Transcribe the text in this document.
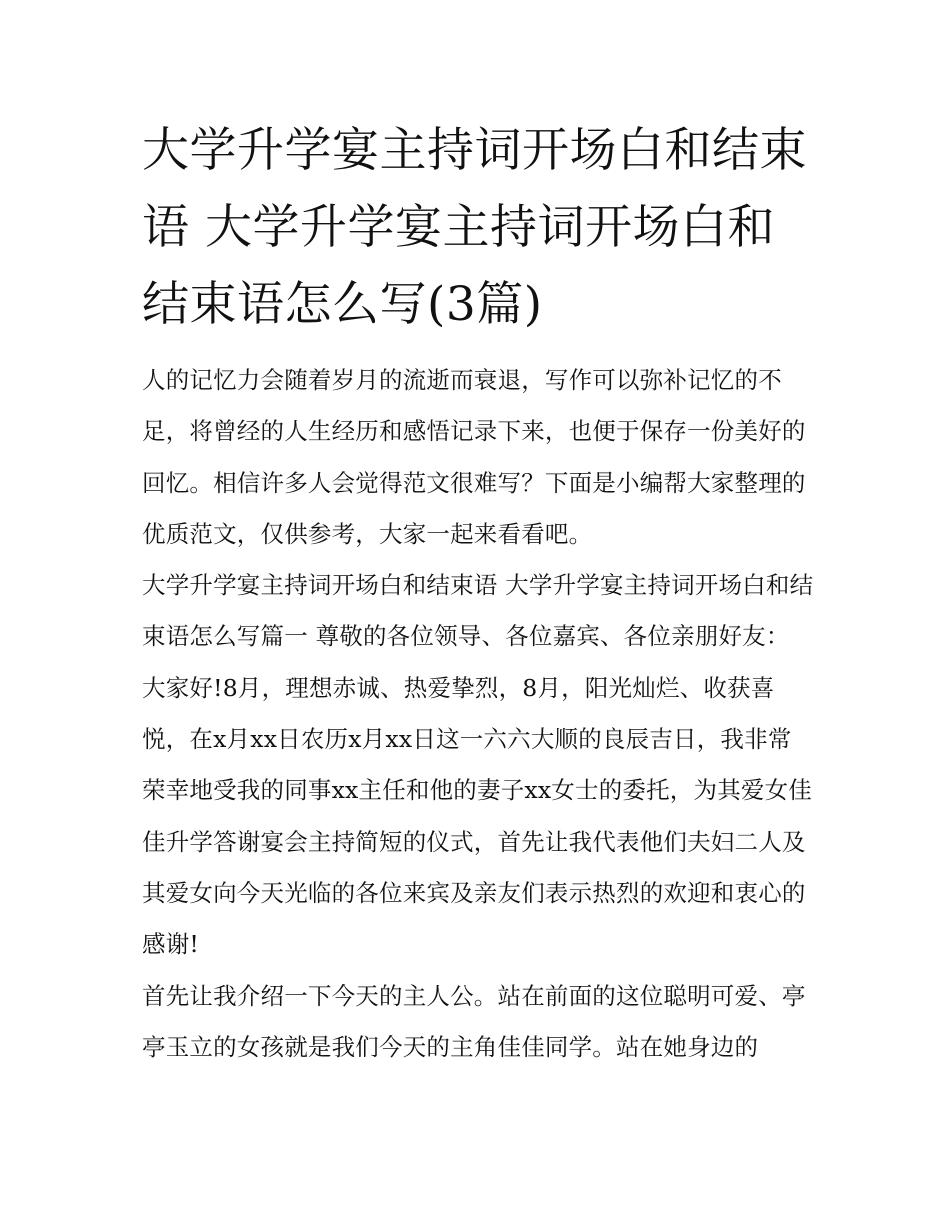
大学升学宴主持词开场白和结束语 大学升学宴主持词开场白和结束语怎么写(3篇)

人的记忆力会随着岁月的流逝而衰退，写作可以弥补记忆的不足，将曾经的人生经历和感悟记录下来，也便于保存一份美好的回忆。相信许多人会觉得范文很难写？下面是小编帮大家整理的优质范文，仅供参考，大家一起来看看吧。

大学升学宴主持词开场白和结束语 大学升学宴主持词开场白和结束语怎么写篇一 尊敬的各位领导、各位嘉宾、各位亲朋好友：

大家好!8月，理想赤诚、热爱挚烈，8月，阳光灿烂、收获喜悦，在x月xx日农历x月xx日这一六六大顺的良辰吉日，我非常荣幸地受我的同事xx主任和他的妻子xx女士的委托，为其爱女佳佳升学答谢宴会主持简短的仪式，首先让我代表他们夫妇二人及其爱女向今天光临的各位来宾及亲友们表示热烈的欢迎和衷心的感谢!

首先让我介绍一下今天的主人公。站在前面的这位聪明可爱、亭亭玉立的女孩就是我们今天的主角佳佳同学。站在她身边的
